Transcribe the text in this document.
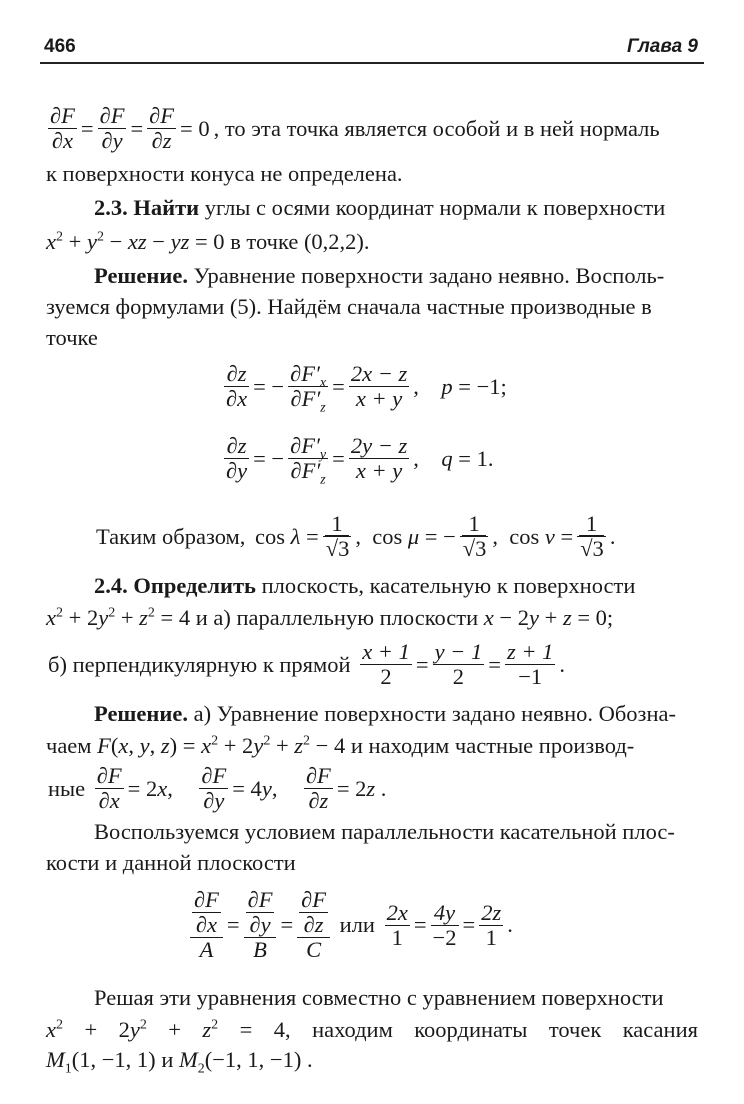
466	Глава 9
$\frac{\partial F}{\partial x} = \frac{\partial F}{\partial y} = \frac{\partial F}{\partial z} = 0$ , то эта точка является особой и в ней нормаль
к поверхности конуса не определена.
2.3. Найти углы с осями координат нормали к поверхности
$x^2 + y^2$ − xz − yz = 0 в точке (0,2,2).
Решение. Уравнение поверхности задано неявно. Восполь-
зуемся формулами (5). Найдём сначала частные производные в
точке
$\frac{\partial z}{\partial x}$ = − $\frac{\partial F'_x}{\partial F'_z} = \frac{2x - z}{x + y}$ ,    p = −1;
$\frac{\partial z}{\partial y}$ = − $\frac{\partial F'_y}{\partial F'_z} = \frac{2y - z}{x + y}$ ,    q = 1.
Таким образом, $\cos \lambda = \frac{1}{√3}$ ,  cos μ = − $\frac{1}{√3}$ ,  $\cos \nu = \frac{1}{√3}$ .
2.4. Определить плоскость, касательную к поверхности
$x^2 + 2y^2 + z^2 = 4$ и а) параллельную плоскости x − 2y + z = 0;
б) перпендикулярную к прямой $\frac{x + 1}{2} = \frac{y - 1}{2} = \frac{z + 1}{-1}$ .
Решение. а) Уравнение поверхности задано неявно. Обозна-
чаем F(x, y, $z) = x^2 + 2y^2 + z^2 - 4$ и находим частные производ-
ные $\frac{\partial F}{\partial x} = 2x$, $\frac{\partial F}{\partial y} = 4y$, $\frac{\partial F}{\partial z} = 2z$ .
Воспользуемся условием параллельности касательной плос-
кости и данной плоскости
$\frac{\frac{\partial F}{\partial x}}{A} = \frac{\frac{\partial F}{\partial y}}{B} = \frac{\frac{\partial F}{\partial z}}{C}$ или $\frac{2x}{1} = \frac{4y}{-2} = \frac{2z}{1}$ .
Решая эти уравнения совместно с уравнением поверхности
$x^2 + 2y^2 + z^2 = 4$, находим координаты точек касания
$M_1(1$, −1, 1) и $M_2(-1$, 1, −1) .
